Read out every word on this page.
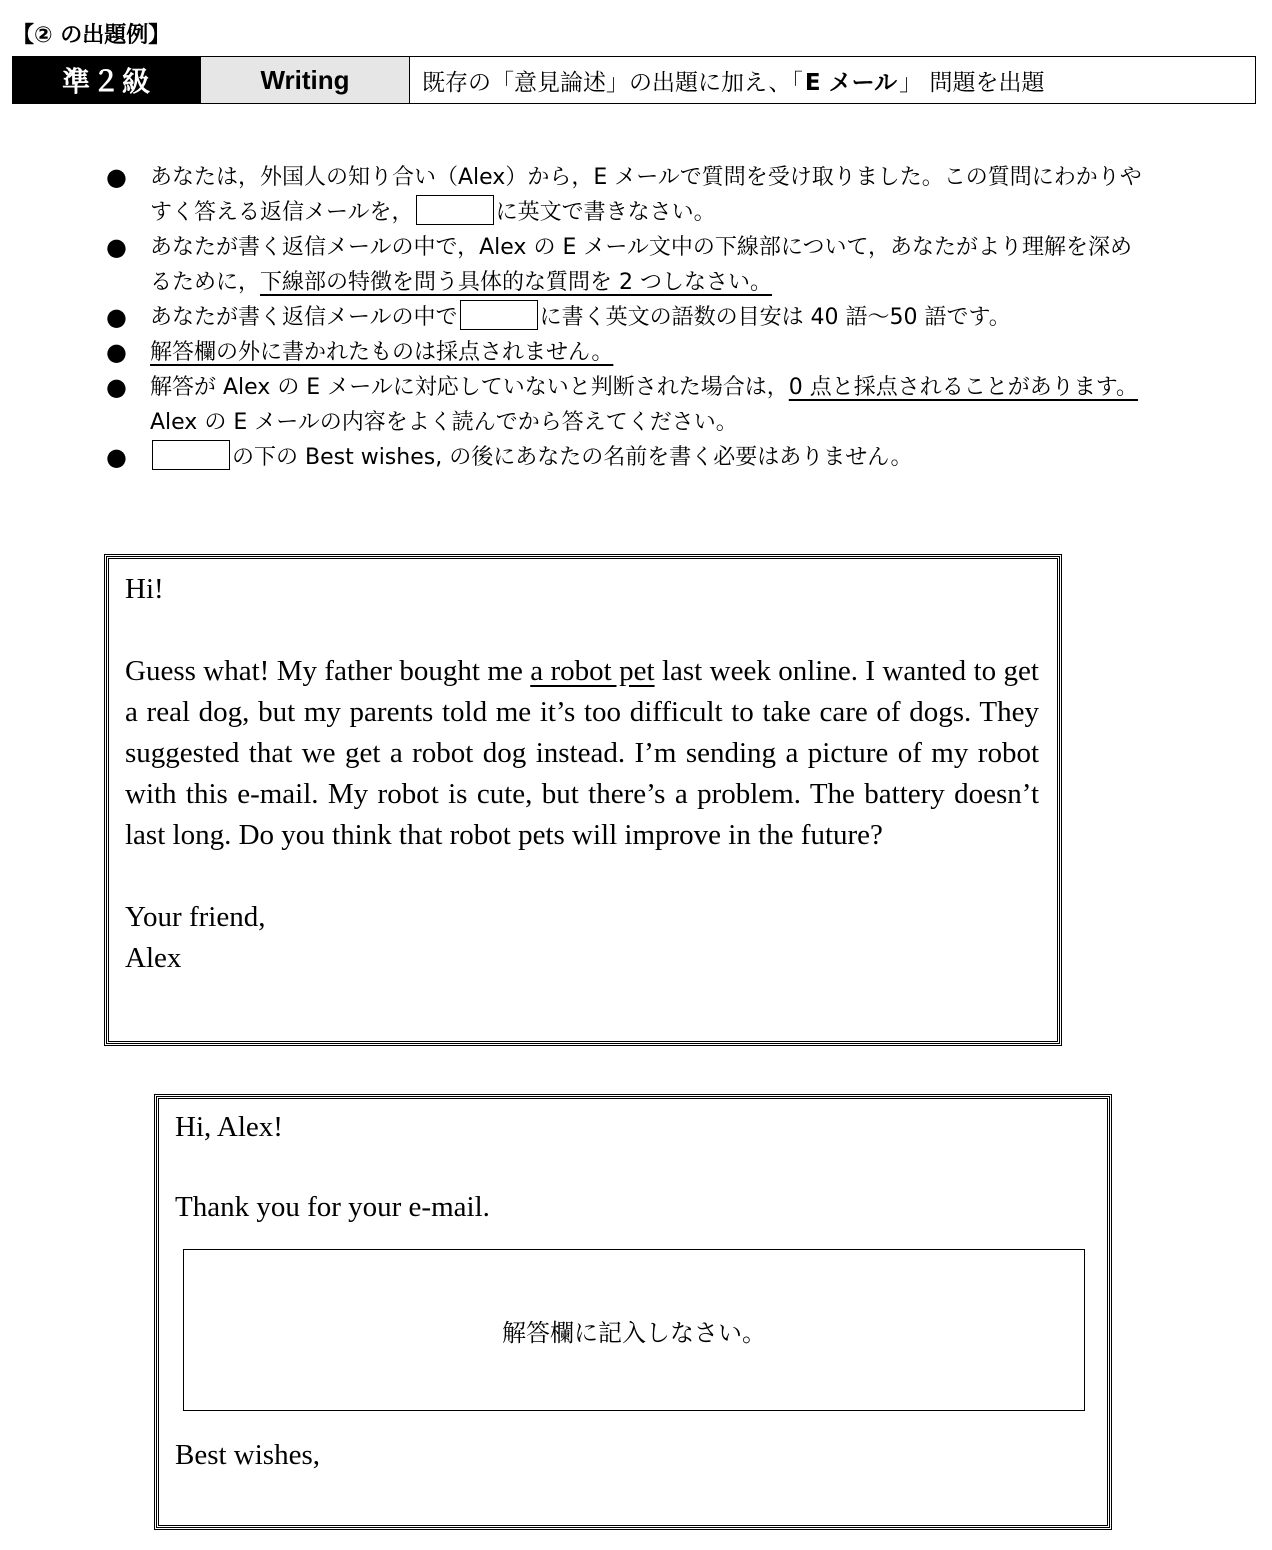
【② の出題例】
準２級	Writing	既存の「意見論述」の出題に加え、「 E メール 」 問題を出題
● あなたは，外国人の知り合い（Alex）から，E メールで質問を受け取りました。この質問にわかりやすく答える返信メールを，	に英文で書きなさい。
● あなたが書く返信メールの中で，Alex の E メール文中の下線部について，あなたがより理解を深めるために，下線部の特徴を問う具体的な質問を 2 つしなさい。
● あなたが書く返信メールの中で	に書く英文の語数の目安は 40 語～50 語です。
● 解答欄の外に書かれたものは採点されません。
● 解答が Alex の E メールに対応していないと判断された場合は，0 点と採点されることがあります。Alex の E メールの内容をよく読んでから答えてください。
●	の下の Best wishes, の後にあなたの名前を書く必要はありません。

Hi!

Guess what! My father bought me a robot pet last week online. I wanted to get a real dog, but my parents told me it’s too difficult to take care of dogs. They suggested that we get a robot dog instead. I’m sending a picture of my robot with this e-mail. My robot is cute, but there’s a problem. The battery doesn’t last long. Do you think that robot pets will improve in the future?

Your friend,

Alex

Hi, Alex!

Thank you for your e-mail.

解答欄に記入しなさい。

Best wishes,
